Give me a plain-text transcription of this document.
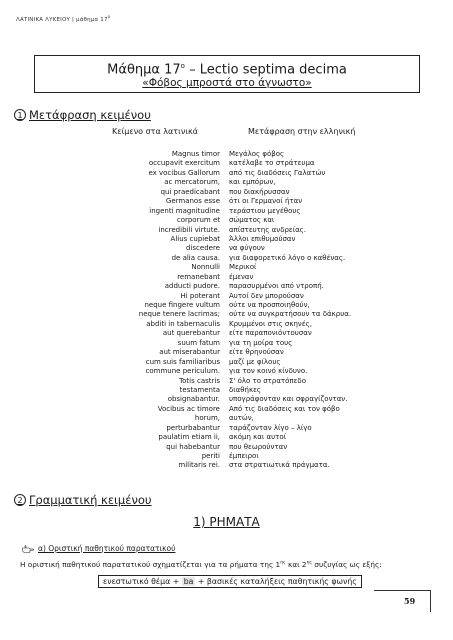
ΛΑΤΙΝΙΚΑ ΛΥΚΕΙΟΥ | μάθημα $17^o$
Μάθημα $17^o$ – Lectio septima decima
«Φόβος μπροστά στο άγνωστο»
1 Μετάφραση κειμένου
Κείμενο στα λατινικά	Μετάφραση στην ελληνική
Magnus timor
occupavit exercitum
ex vocibus Gallorum
ac mercatorum,
qui praedicabant
Germanos esse
ingenti magnitudine
corporum et
incredibili virtute.
Alius cupiebat
discedere
de alia causa.
Nonnulli
remanebant
adducti pudore.
Hi poterant
neque fingere vultum
neque tenere lacrimas;
abditi in tabernaculis
aut querebantur
suum fatum
aut miserabantur
cum suis familiaribus
commune periculum.
Totis castris
testamenta
obsignabantur.
Vocibus ac timore
horum,
perturbabantur
paulatim etiam ii,
qui habebantur
periti
militaris rei.
Μεγάλος φόβος
κατέλαβε το στράτευμα
από τις διαδόσεις Γαλατών
και εμπόρων,
που διακήρυσσαν
ότι οι Γερμανοί ήταν
τεράστιου μεγέθους
σώματος και
απίστευτης ανδρείας.
Άλλοι επιθυμούσαν
να φύγουν
για διαφορετικό λόγο ο καθένας.
Μερικοί
έμεναν
παρασυρμένοι από ντροπή.
Αυτοί δεν μπορούσαν
ούτε να προσποιηθούν,
ούτε να συγκρατήσουν τα δάκρυα.
Κρυμμένοι στις σκηνές,
είτε παραπονιόντουσαν
για τη μοίρα τους
είτε θρηνούσαν
μαζί με φίλους
για τον κοινό κίνδυνο.
Σ' όλο το στρατόπεδο
διαθήκες
υπογράφονταν και σφραγίζονταν.
Από τις διαδόσεις και τον φόβο
αυτών,
ταράζονταν λίγο – λίγο
ακόμη και αυτοί
που θεωρούνταν
έμπειροι
στα στρατιωτικά πράγματα.
2 Γραμματική κειμένου
1) ΡΗΜΑΤΑ
α) Οριστική παθητικού παρατατικού
Η οριστική παθητικού παρατατικού σχηματίζεται για τα ρήματα της $1^{\eta\varsigma}$ και $2^{\eta\varsigma}$ συζυγίας ως εξής:
ενεστωτικό θέμα + ba + βασικές καταλήξεις παθητικής φωνής
59
